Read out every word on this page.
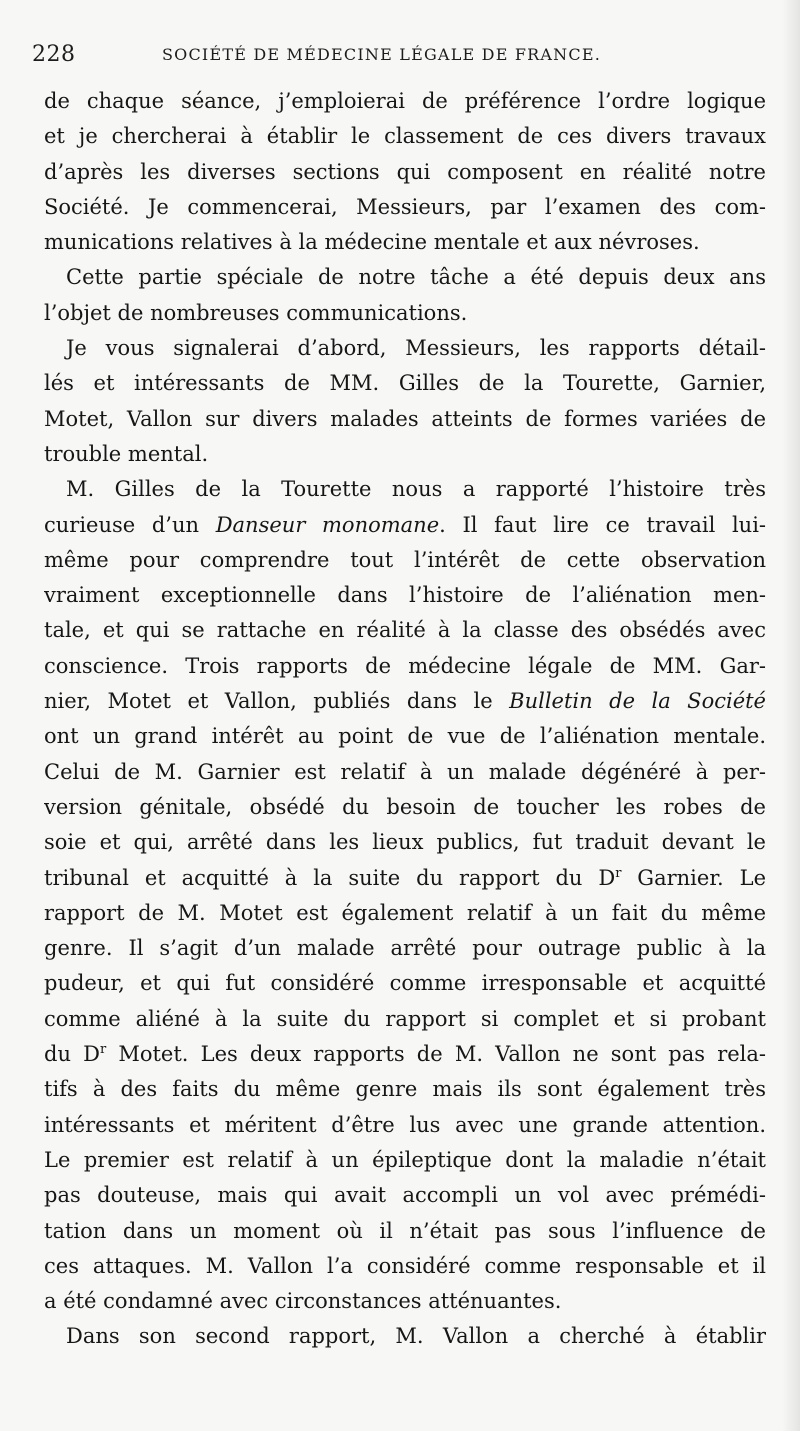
228	SOCIÉTÉ DE MÉDECINE LÉGALE DE FRANCE.
de chaque séance, j’emploierai de préférence l’ordre logique
et je chercherai à établir le classement de ces divers travaux
d’après les diverses sections qui composent en réalité notre
Société. Je commencerai, Messieurs, par l’examen des com-
munications relatives à la médecine mentale et aux névroses.
Cette partie spéciale de notre tâche a été depuis deux ans
l’objet de nombreuses communications.
Je vous signalerai d’abord, Messieurs, les rapports détail-
lés et intéressants de MM. Gilles de la Tourette, Garnier,
Motet, Vallon sur divers malades atteints de formes variées de
trouble mental.
M. Gilles de la Tourette nous a rapporté l’histoire très
curieuse d’un Danseur monomane. Il faut lire ce travail lui-
même pour comprendre tout l’intérêt de cette observation
vraiment exceptionnelle dans l’histoire de l’aliénation men-
tale, et qui se rattache en réalité à la classe des obsédés avec
conscience. Trois rapports de médecine légale de MM. Gar-
nier, Motet et Vallon, publiés dans le Bulletin de la Société
ont un grand intérêt au point de vue de l’aliénation mentale.
Celui de M. Garnier est relatif à un malade dégénéré à per-
version génitale, obsédé du besoin de toucher les robes de
soie et qui, arrêté dans les lieux publics, fut traduit devant le
tribunal et acquitté à la suite du rapport du $D^r$ Garnier. Le
rapport de M. Motet est également relatif à un fait du même
genre. Il s’agit d’un malade arrêté pour outrage public à la
pudeur, et qui fut considéré comme irresponsable et acquitté
comme aliéné à la suite du rapport si complet et si probant
du $D^r$ Motet. Les deux rapports de M. Vallon ne sont pas rela-
tifs à des faits du même genre mais ils sont également très
intéressants et méritent d’être lus avec une grande attention.
Le premier est relatif à un épileptique dont la maladie n’était
pas douteuse, mais qui avait accompli un vol avec prémédi-
tation dans un moment où il n’était pas sous l’influence de
ces attaques. M. Vallon l’a considéré comme responsable et il
a été condamné avec circonstances atténuantes.
Dans son second rapport, M. Vallon a cherché à établir
